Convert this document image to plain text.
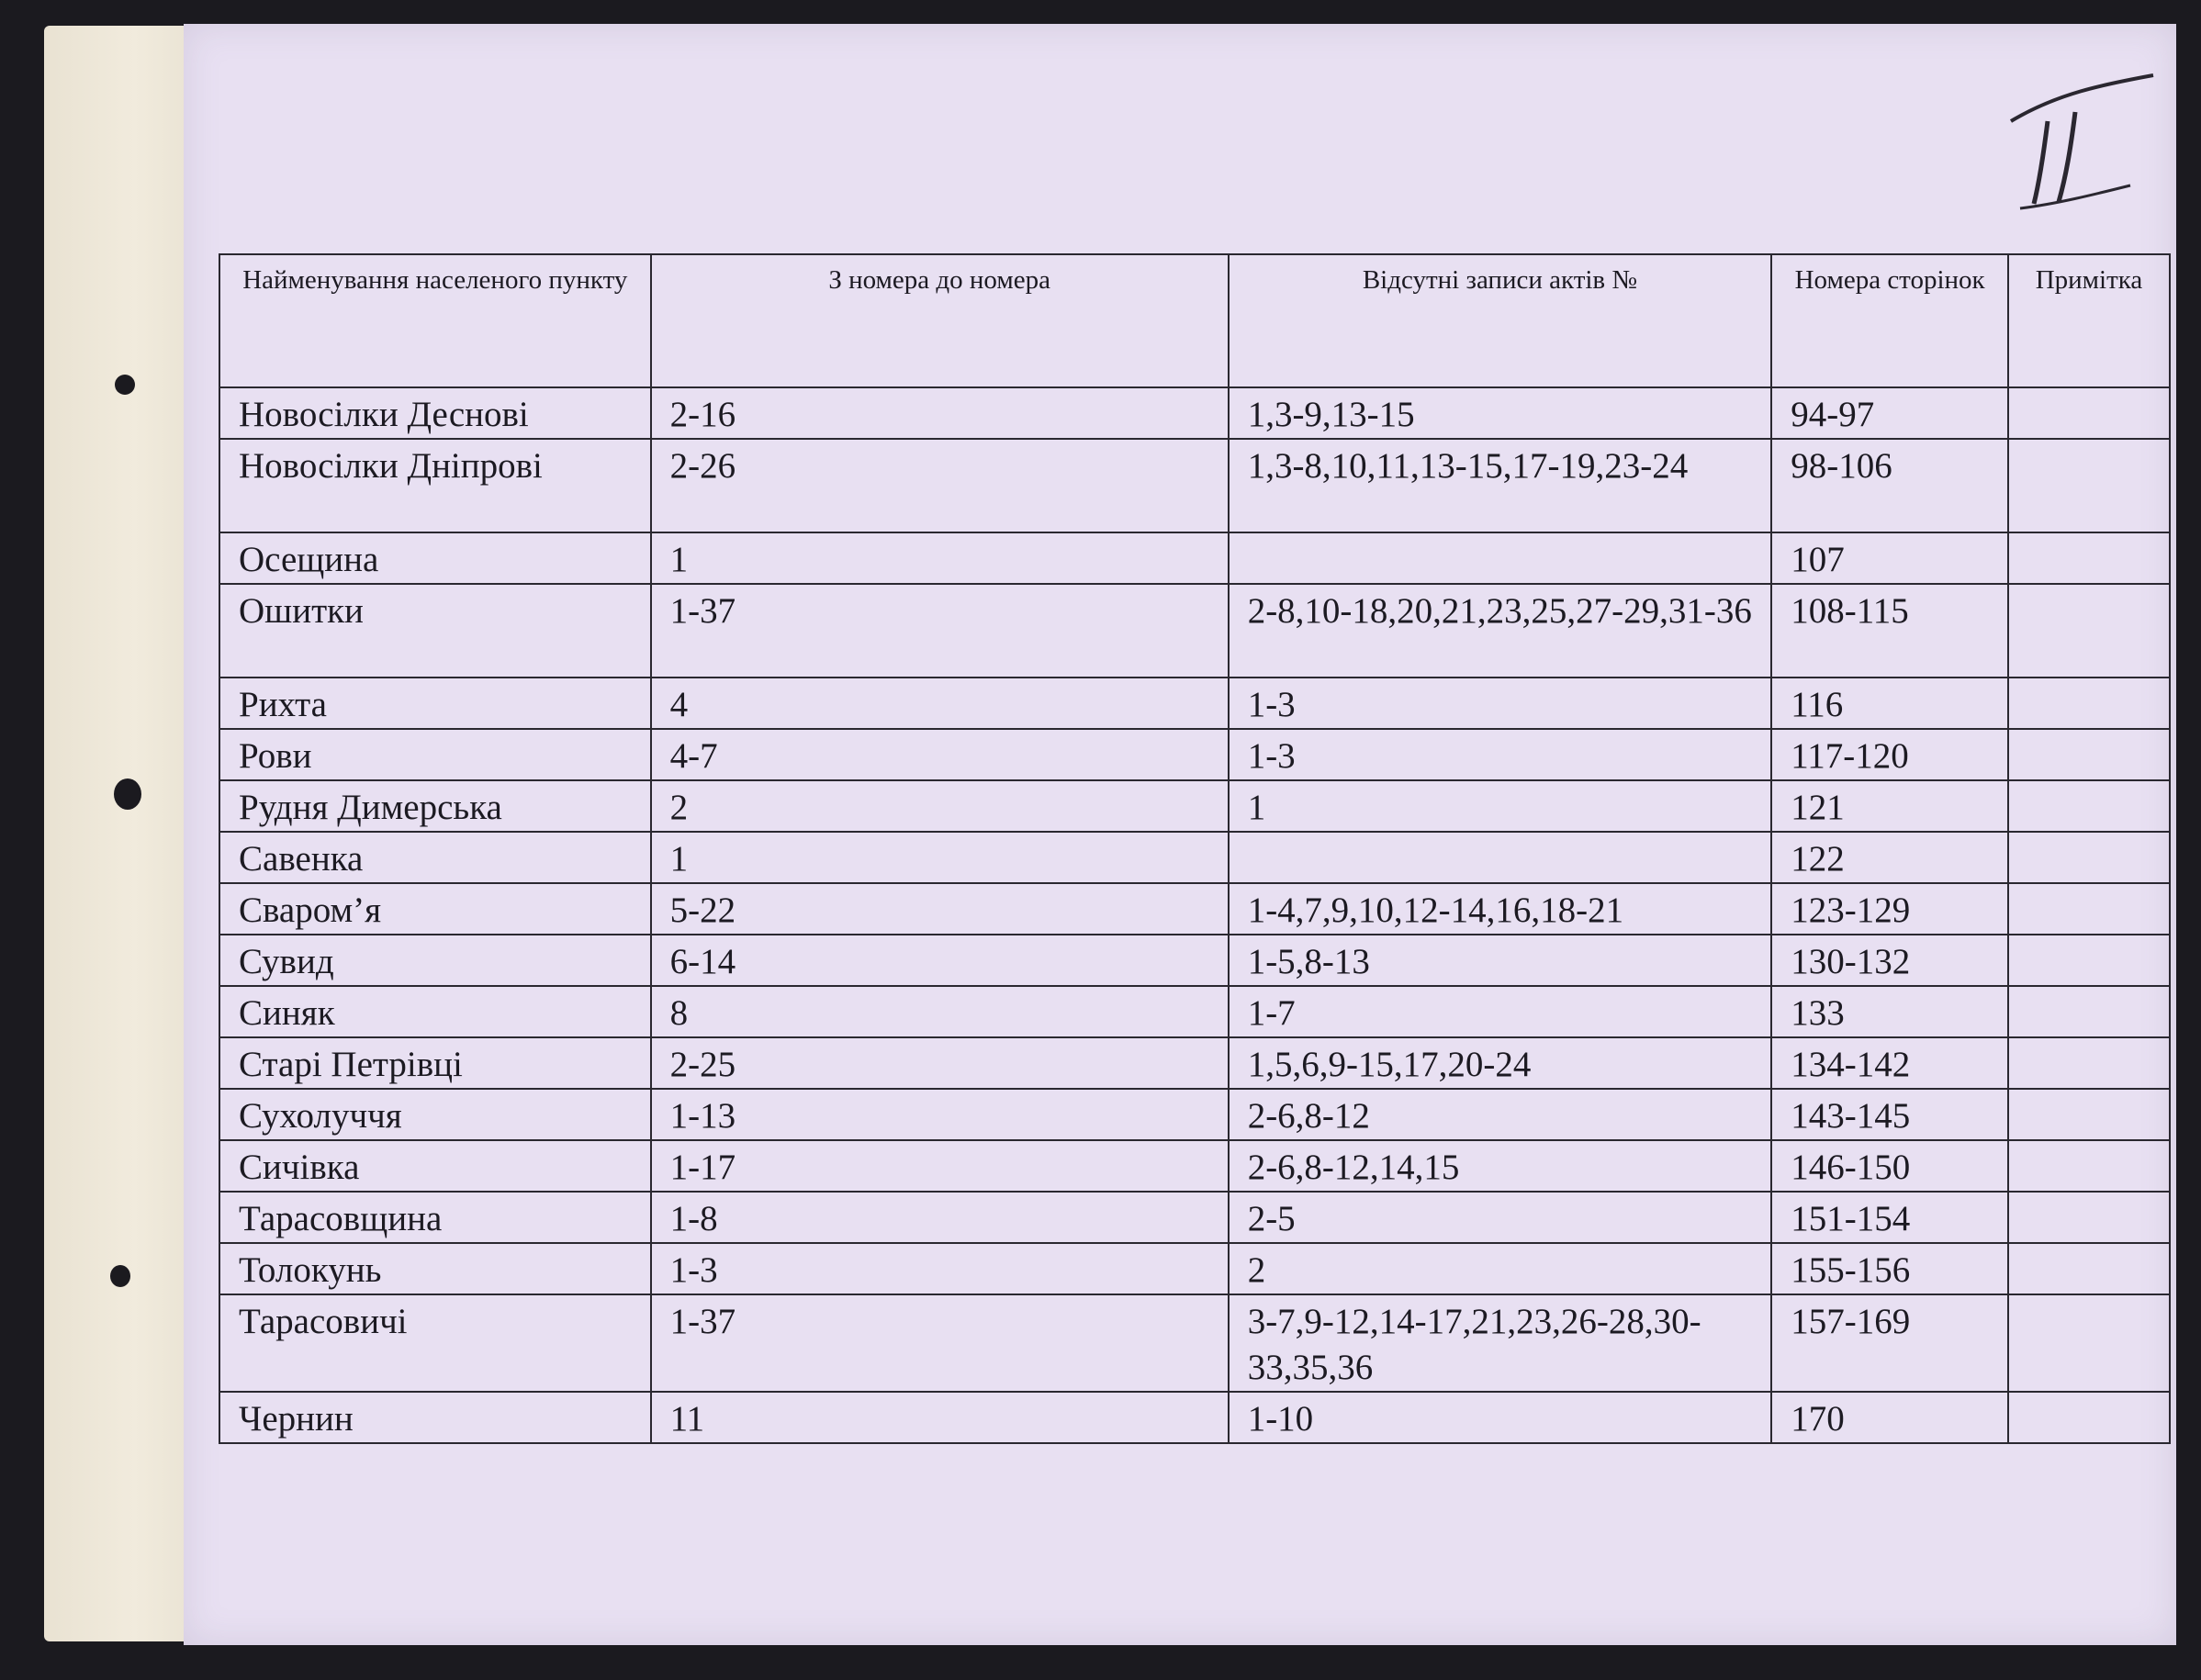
Найменування населеного пункту	З номера до номера	Відсутні записи актів №	Номера сторінок	Примітка
Новосілки Деснові	2-16	1,3-9,13-15	94-97	
Новосілки Дніпрові	2-26	1,3-8,10,11,13-15,17-19,23-24	98-106	
Осещина	1		107	
Ошитки	1-37	2-8,10-18,20,21,23,25,27-29,31-36	108-115	
Рихта	4	1-3	116	
Рови	4-7	1-3	117-120	
Рудня Димерська	2	1	121	
Савенка	1		122	
Сваром’я	5-22	1-4,7,9,10,12-14,16,18-21	123-129	
Сувид	6-14	1-5,8-13	130-132	
Синяк	8	1-7	133	
Старі Петрівці	2-25	1,5,6,9-15,17,20-24	134-142	
Сухолуччя	1-13	2-6,8-12	143-145	
Сичівка	1-17	2-6,8-12,14,15	146-150	
Тарасовщина	1-8	2-5	151-154	
Толокунь	1-3	2	155-156	
Тарасовичі	1-37	3-7,9-12,14-17,21,23,26-28,30-33,35,36	157-169	
Чернин	11	1-10	170	
